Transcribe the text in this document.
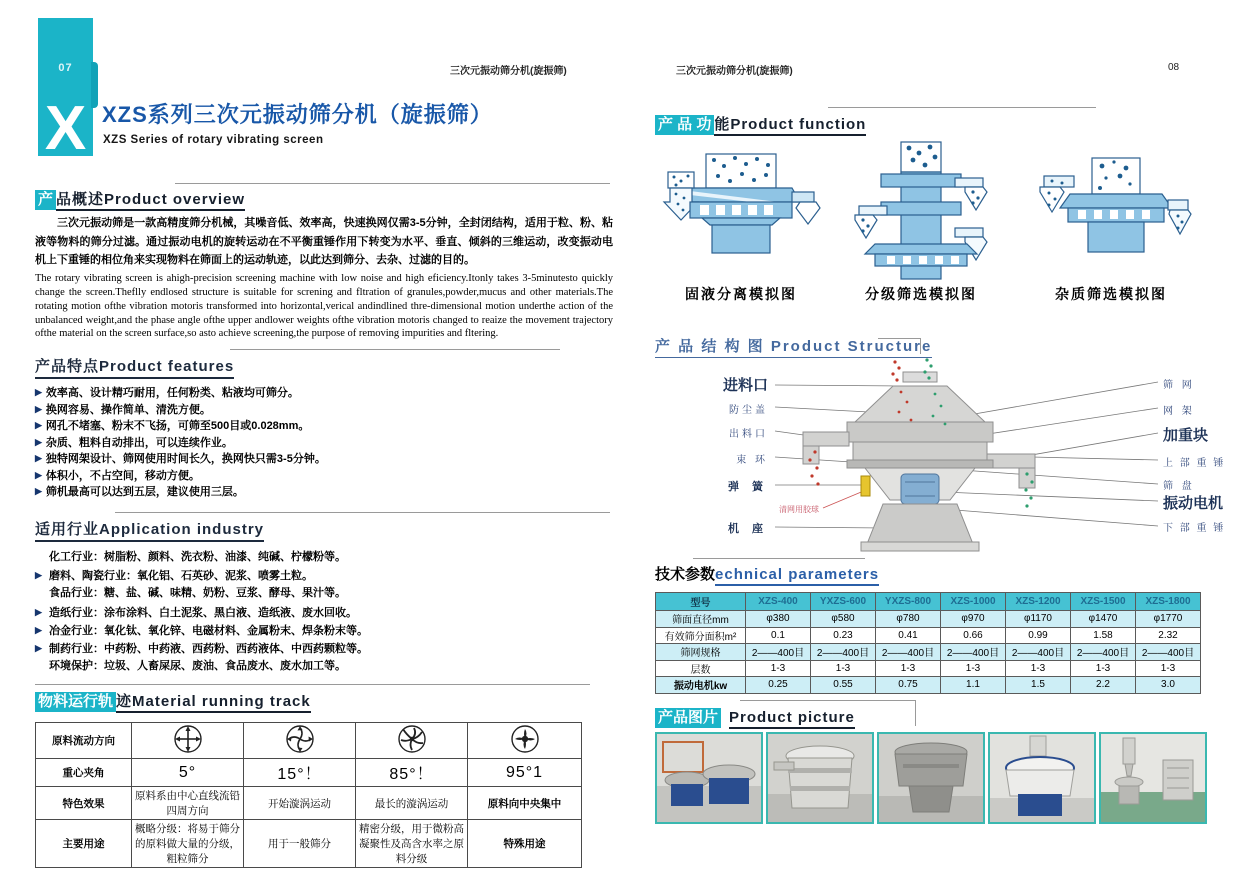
07
X XZS系列三次元振动筛分机（旋振筛）
XZS Series of rotary vibrating screen
三次元振动筛分机(旋振筛)	三次元振动筛分机(旋振筛)	08
产 品概述Product overview
三次元振动筛是一款高精度筛分机械，其噪音低、效率高，快速换网仅需3-5分钟，全封闭结构，适用于粒、粉、粘液等物料的筛分过滤。通过振动电机的旋转运动在不平衡重锤作用下转变为水平、垂直、倾斜的三维运动，改变振动电机上下重锤的相位角来实现物料在筛面上的运动轨迹，以此达到筛分、去杂、过滤的目的。
The rotary vibrating screen is ahigh-precision screening machine with low noise and high eficiency.Itonly takes 3-5minutesto quickly change the screen.Theflly endlosed structure is suitable for screning and fltration of granules,powder,mucus and other materials.The rotating motion ofthe vibration motoris transformed into horizontal,verical andindlined thre-dimensional motion underthe action of the unbalanced weight,and the phase angle ofthe upper andlower weights ofthe vibration motoris changed to reaize the movement trajectory ofthe material on the screen surface,so asto achieve screening,the purpose of removing impurities and fltering.
产品特点Product features
▶ 效率高、设计精巧耐用，任何粉类、粘液均可筛分。
▶ 换网容易、操作简单、清洗方便。
▶ 网孔不堵塞、粉末不飞扬，可筛至500目或0.028mm。
▶ 杂质、粗料自动排出，可以连续作业。
▶ 独特网架设计、筛网使用时间长久，换网快只需3-5分钟。
▶ 体积小，不占空间，移动方便。
▶ 筛机最高可以达到五层，建议使用三层。
适用行业Application industry
化工行业：树脂粉、颜料、洗衣粉、油漆、纯碱、柠檬粉等。
▶ 磨料、陶瓷行业：氧化铝、石英砂、泥浆、喷雾土粒。
食品行业：糖、盐、碱、味精、奶粉、豆浆、酵母、果汁等。
▶ 造纸行业：涂布涂料、白土泥浆、黑白液、造纸液、废水回收。
▶ 冶金行业：氧化钛、氧化锌、电磁材料、金属粉末、焊条粉末等。
▶ 制药行业：中药粉、中药液、西药粉、西药液体、中西药颗粒等。
环境保护：垃圾、人畜屎尿、废油、食品废水、废水加工等。
物料运行轨 迹Material running track
原料流动方向				
重心夹角	5°	15°！	85°！	95°1
特色效果	原料系由中心直线流铅四周方向	开始漩涡运动	最长的漩涡运动	原料向中央集中
主要用途	概略分级：将易于筛分的原料做大量的分级，粗粒筛分	用于一般筛分	精密分级，用于微粉高凝聚性及高含水率之原料分级	特殊用途
产 品 功 能Product function
固液分离模拟图	分级筛选模拟图	杂质筛选模拟图
产 品 结 构 图 Product Structure
进料口
防尘盖
出料口
束 环
弹 簧
机 座
清网用胶球
筛 网
网 架
加重块
上 部 重 锤
筛 盘
振动电机
下 部 重 锤
技术参数echnical parameters
型号	XZS-400	YXZS-600	YXZS-800	XZS-1000	XZS-1200	XZS-1500	XZS-1800
筛面直径mm	φ380	φ580	φ780	φ970	φ1170	φ1470	φ1770
有效筛分面积m²	0.1	0.23	0.41	0.66	0.99	1.58	2.32
筛网规格	2——400目	2——400目	2——400目	2——400目	2——400目	2——400目	2——400目
层数	1-3	1-3	1-3	1-3	1-3	1-3	1-3
振动电机kw	0.25	0.55	0.75	1.1	1.5	2.2	3.0
产品图片 Product picture
